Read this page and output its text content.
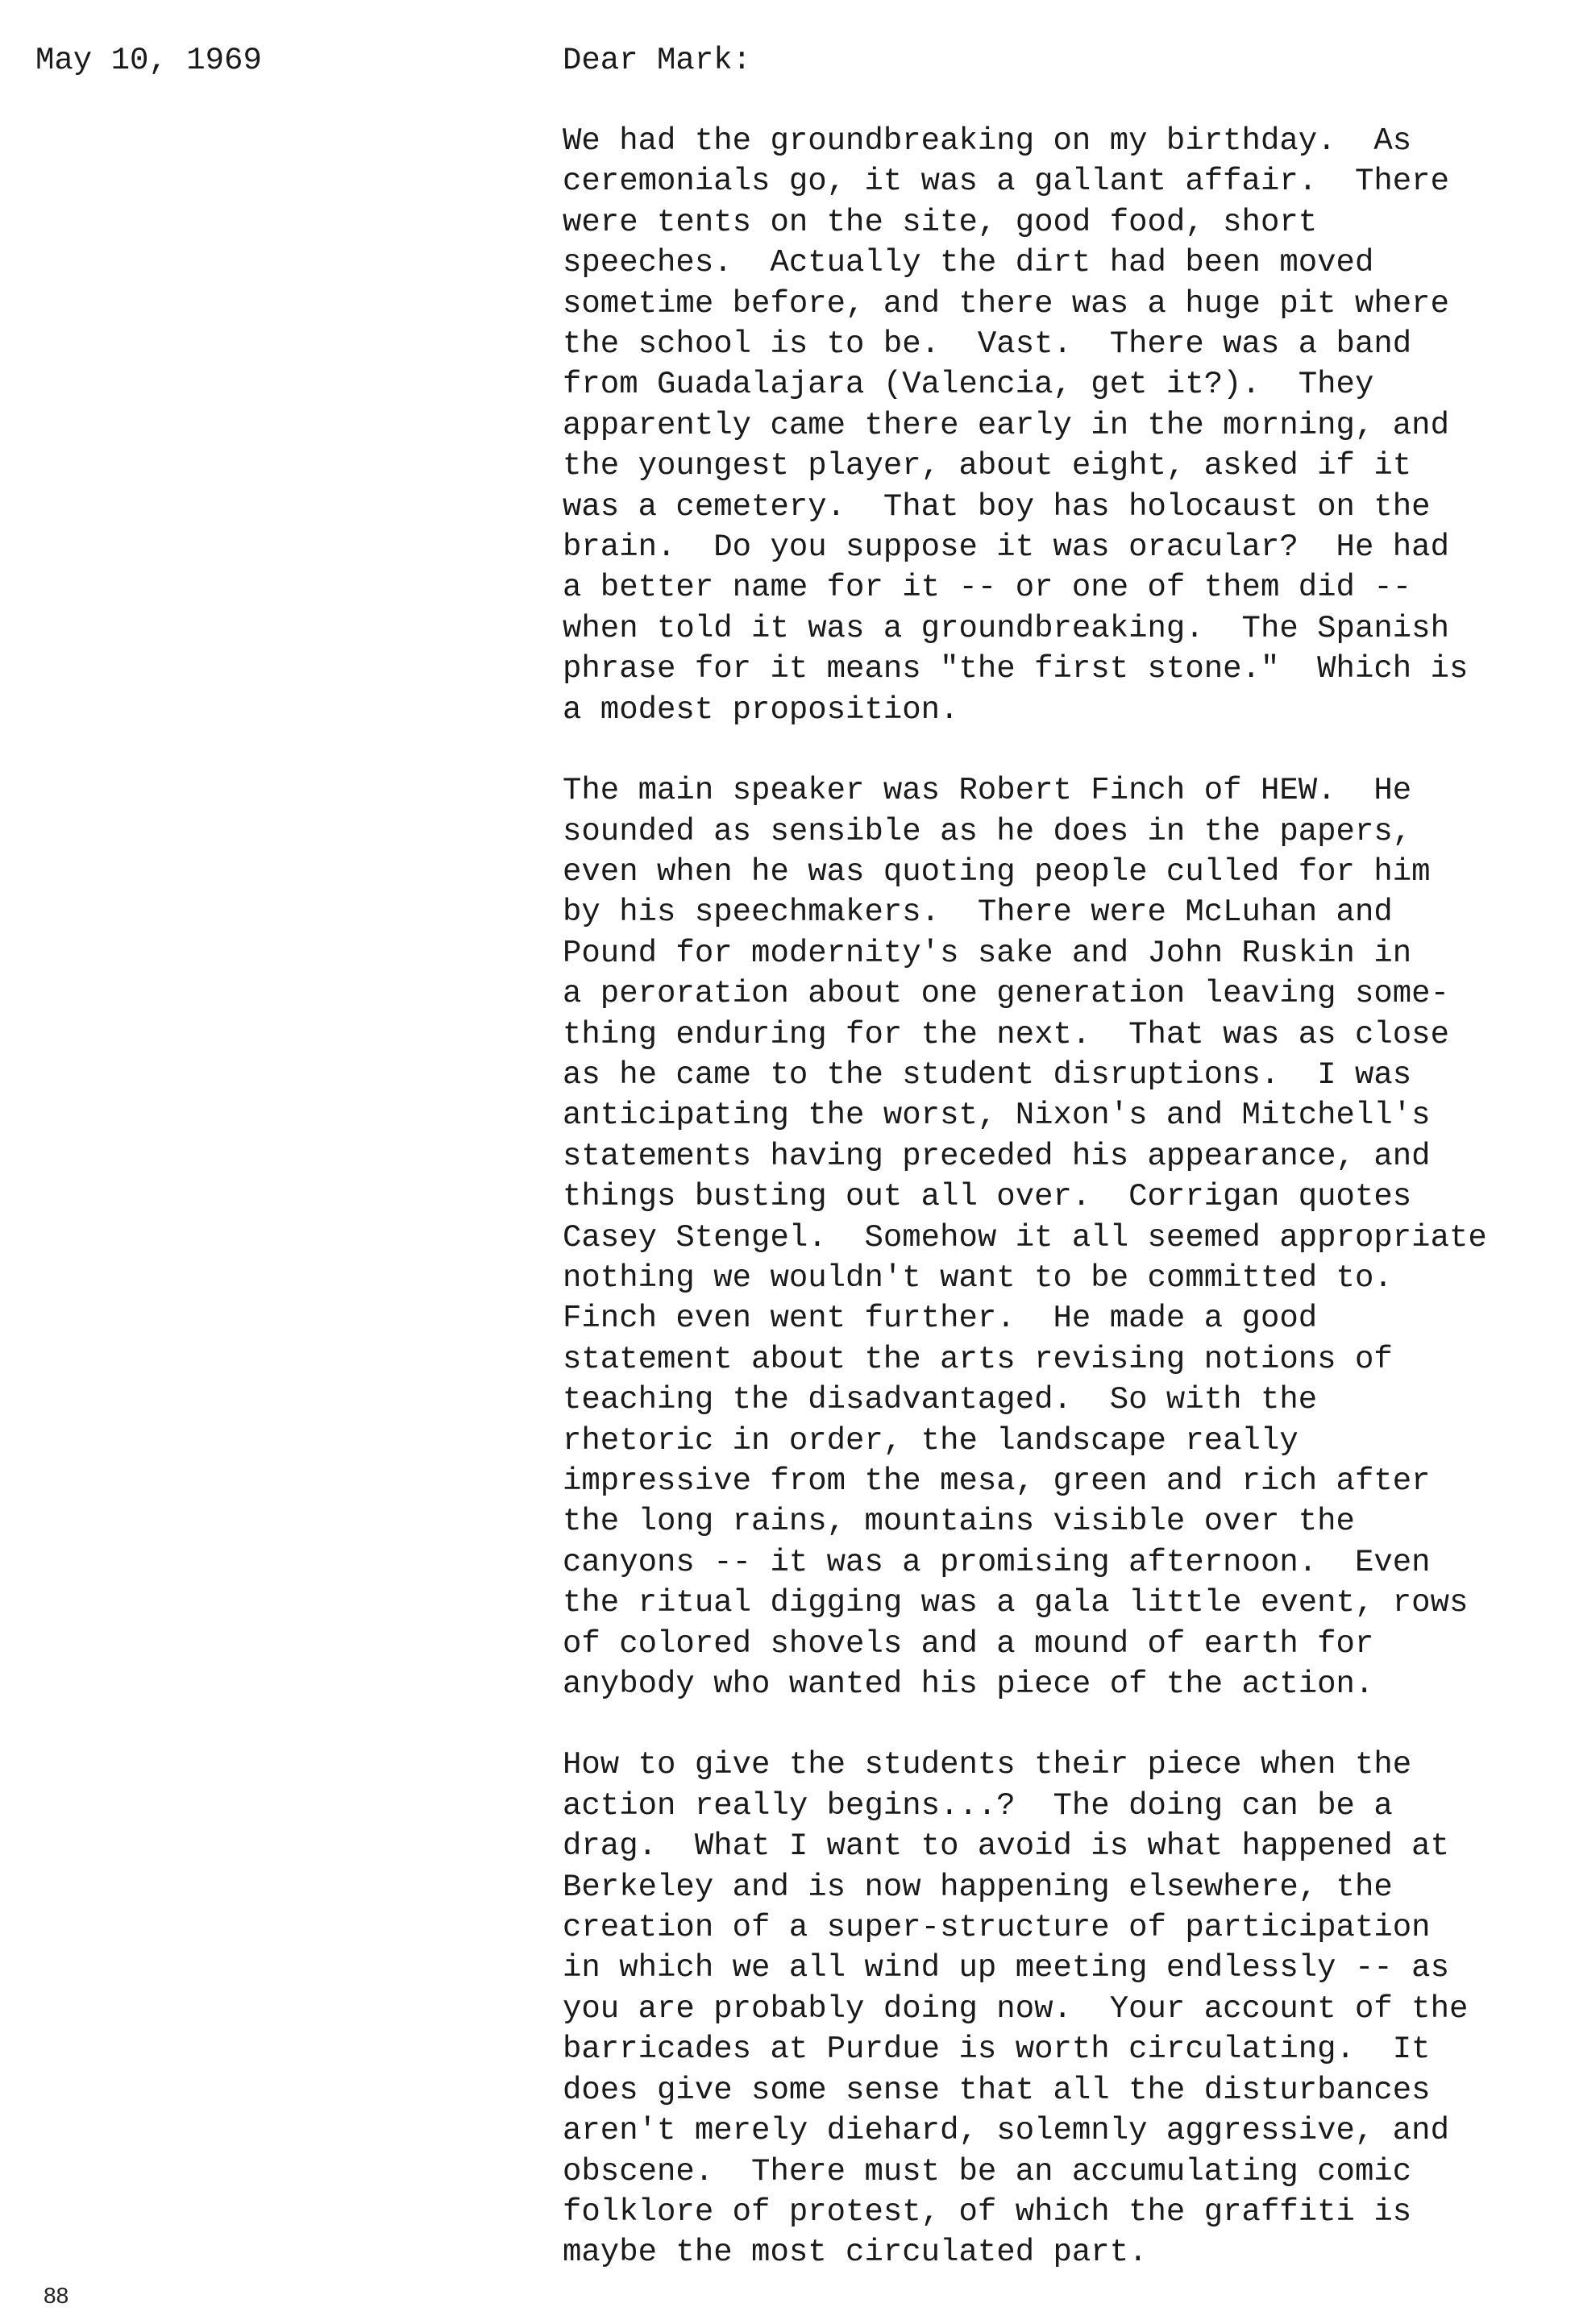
May 10, 1969	Dear Mark:
We had the groundbreaking on my birthday.  As
ceremonials go, it was a gallant affair.  There
were tents on the site, good food, short
speeches.  Actually the dirt had been moved
sometime before, and there was a huge pit where
the school is to be.  Vast.  There was a band
from Guadalajara (Valencia, get it?).  They
apparently came there early in the morning, and
the youngest player, about eight, asked if it
was a cemetery.  That boy has holocaust on the
brain.  Do you suppose it was oracular?  He had
a better name for it -- or one of them did --
when told it was a groundbreaking.  The Spanish
phrase for it means "the first stone."  Which is
a modest proposition.
The main speaker was Robert Finch of HEW.  He
sounded as sensible as he does in the papers,
even when he was quoting people culled for him
by his speechmakers.  There were McLuhan and
Pound for modernity's sake and John Ruskin in
a peroration about one generation leaving some-
thing enduring for the next.  That was as close
as he came to the student disruptions.  I was
anticipating the worst, Nixon's and Mitchell's
statements having preceded his appearance, and
things busting out all over.  Corrigan quotes
Casey Stengel.  Somehow it all seemed appropriate
nothing we wouldn't want to be committed to.
Finch even went further.  He made a good
statement about the arts revising notions of
teaching the disadvantaged.  So with the
rhetoric in order, the landscape really
impressive from the mesa, green and rich after
the long rains, mountains visible over the
canyons -- it was a promising afternoon.  Even
the ritual digging was a gala little event, rows
of colored shovels and a mound of earth for
anybody who wanted his piece of the action.
How to give the students their piece when the
action really begins...?  The doing can be a
drag.  What I want to avoid is what happened at
Berkeley and is now happening elsewhere, the
creation of a super-structure of participation
in which we all wind up meeting endlessly -- as
you are probably doing now.  Your account of the
barricades at Purdue is worth circulating.  It
does give some sense that all the disturbances
aren't merely diehard, solemnly aggressive, and
obscene.  There must be an accumulating comic
folklore of protest, of which the graffiti is
maybe the most circulated part.
88
